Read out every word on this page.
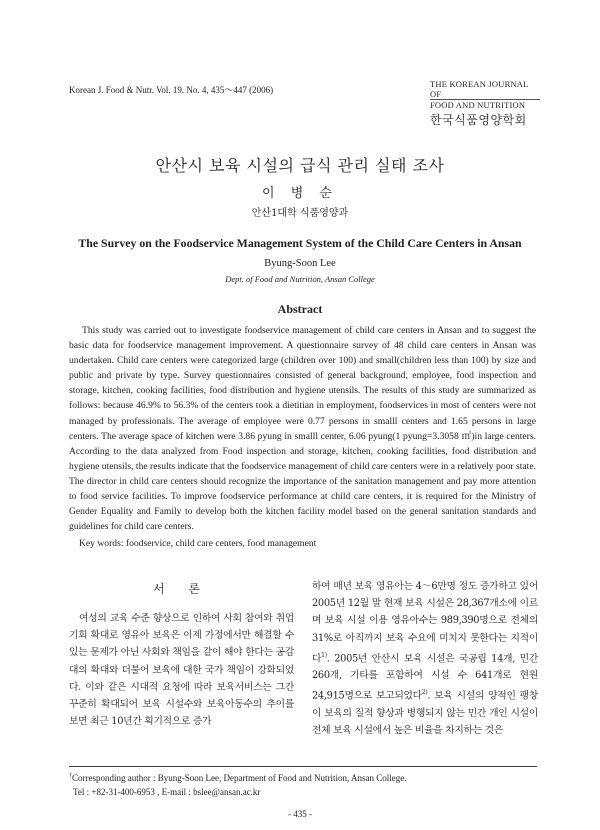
Korean J. Food & Nutr. Vol. 19. No. 4, 435～447 (2006)
THE KOREAN JOURNAL OF
FOOD AND NUTRITION
한국식품영양학회
안산시 보육 시설의 급식 관리 실태 조사
이 병 순
안산1대학 식품영양과
The Survey on the Foodservice Management System of the Child Care Centers in Ansan
Byung-Soon Lee
Dept. of Food and Nutrition, Ansan College
Abstract
This study was carried out to investigate foodservice management of child care centers in Ansan and to suggest the basic data for foodservice management improvement. A questionnaire survey of 48 child care centers in Ansan was undertaken. Child care centers were categorized large (children over 100) and small(children less than 100) by size and public and private by type. Survey questionnaires consisted of general background, employee, food inspection and storage, kitchen, cooking facilities, food distribution and hygiene utensils. The results of this study are summarized as follows: because 46.9% to 56.3% of the centers took a dietitian in employment, foodservices in most of centers were not managed by professionals. The average of employee were 0.77 persons in smalll centers and 1.65 persons in large centers. The average space of kitchen were 3.86 pyung in smalll center, 6.06 pyung(1 pyung=3.3058 ㎡)in large centers. According to the data analyzed from Food inspection and storage, kitchen, cooking facilities, food distribution and hygiene utensils, the results indicate that the foodservice management of child care centers were in a relatively poor state. The director in child care centers should recognize the importance of the sanitation management and pay more attention to food service facilities. To improve foodservice performance at child care centers, it is required for the Ministry of Gender Equality and Family to develop both the kitchen facility model based on the general sanitation standards and guidelines for child care centers.
Key words: foodservice, child care centers, food management
서 론
여성의 교육 수준 향상으로 인하여 사회 참여와 취업 기회 확대로 영유아 보육은 이제 가정에서만 해결할 수 있는 문제가 아닌 사회와 책임을 같이 해야 한다는 공감대의 확대와 더불어 보육에 대한 국가 책임이 강화되었다. 이와 같은 시대적 요청에 따라 보육서비스는 그간 꾸준히 확대되어 보육 시설수와 보육아동수의 추이를 보면 최근 10년간 획기적으로 증가
하여 매년 보육 영유아는 4～6만명 정도 증가하고 있어 2005년 12월 말 현재 보육 시설은 28,367개소에 이르며 보육 시설 이용 영유아수는 989,390명으로 전체의 31%로 아직까지 보육 수요에 미치지 못한다는 지적이다$^{1)}$. 2005년 안산시 보육 시설은 국공립 14개, 민간 260개, 기타를 포함하여 시설 수 641개로 현원 24,915명으로 보고되었다$^{2)}$. 보육 시설의 양적인 팽창이 보육의 질적 향상과 병행되지 않는 민간 개인 시설이 전체 보육 시설에서 높은 비율을 차지하는 것은
†Corresponding author : Byung-Soon Lee, Department of Food and Nutrition, Ansan College.
Tel : +82-31-400-6953 , E-mail : bslee@ansan.ac.kr
- 435 -
